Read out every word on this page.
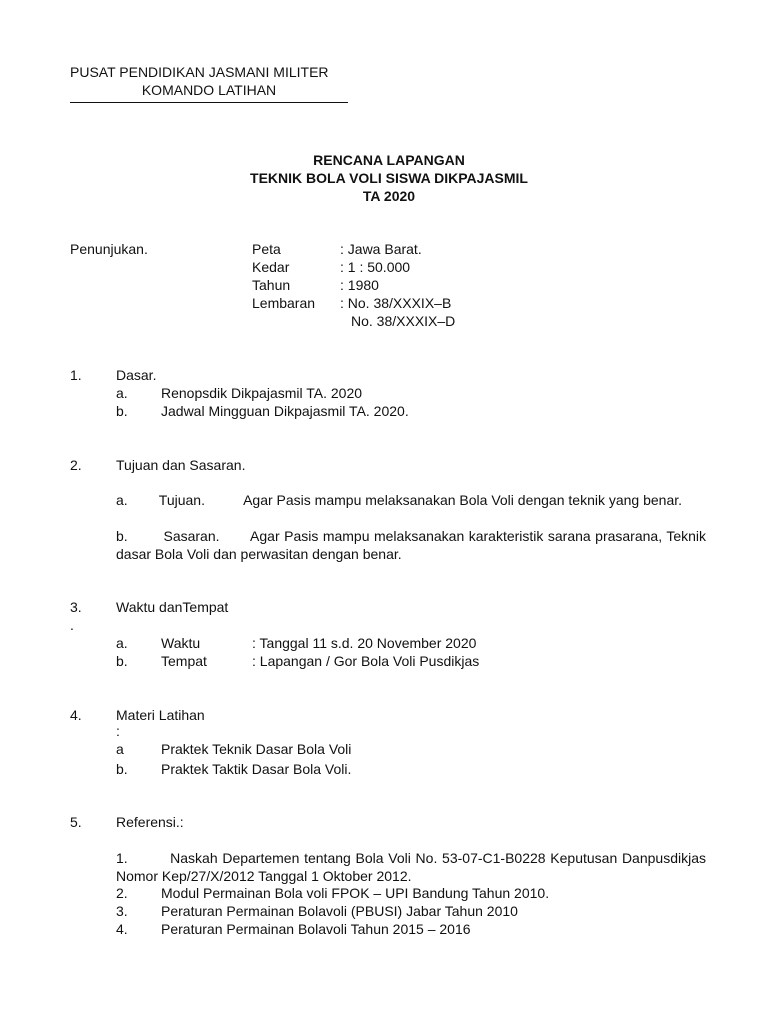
PUSAT PENDIDIKAN JASMANI MILITER
KOMANDO LATIHAN
RENCANA LAPANGAN
TEKNIK BOLA VOLI SISWA DIKPAJASMIL
TA 2020
Penunjukan.	Peta	: Jawa Barat.
Kedar	: 1 : 50.000
Tahun	: 1980
Lembaran : No. 38/XXXIX–B
No. 38/XXXIX–D
1. Dasar.
a. Renopsdik Dikpajasmil TA. 2020
b. Jadwal Mingguan Dikpajasmil TA. 2020.
2. Tujuan dan Sasaran.
a.        Tujuan.          Agar Pasis mampu melaksanakan Bola Voli dengan teknik yang benar.
b.        Sasaran.       Agar Pasis mampu melaksanakan karakteristik sarana prasarana, Teknik dasar Bola Voli dan perwasitan dengan benar.
3. Waktu danTempat
.
a. Waktu	: Tanggal 11 s.d. 20 November 2020
b. Tempat	: Lapangan / Gor Bola Voli Pusdikjas
4. Materi Latihan
:
a	Praktek Teknik Dasar Bola Voli
b. Praktek Taktik Dasar Bola Voli.
5. Referensi.:
1.         Naskah Departemen tentang Bola Voli No. 53-07-C1-B0228 Keputusan Danpusdikjas Nomor Kep/27/X/2012 Tanggal 1 Oktober 2012.
2. Modul Permainan Bola voli FPOK – UPI Bandung Tahun 2010.
3. Peraturan Permainan Bolavoli (PBUSI) Jabar Tahun 2010
4. Peraturan Permainan Bolavoli Tahun 2015 – 2016
